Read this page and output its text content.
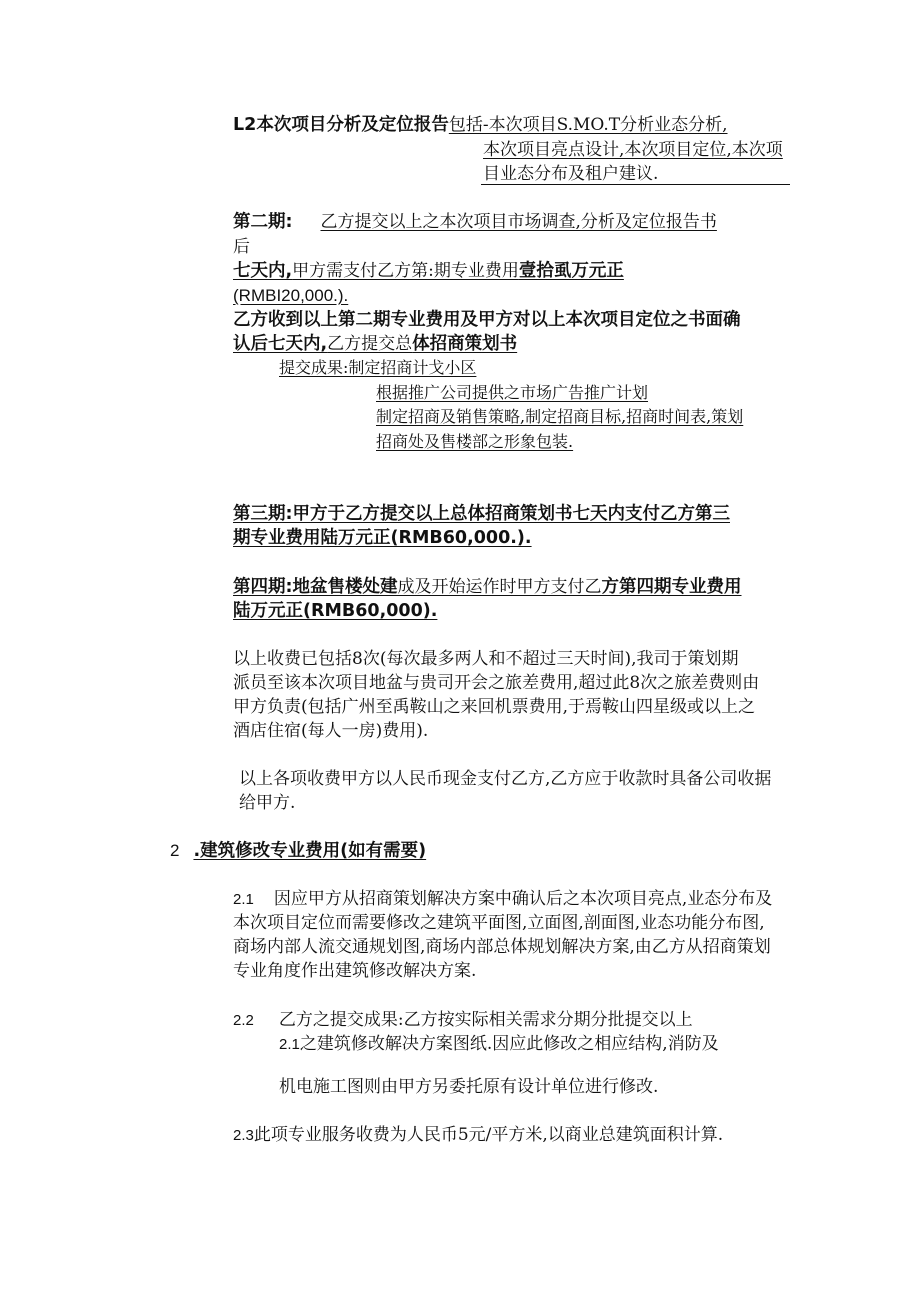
L2本次项目分析及定位报告包括-本次项目S.MO.T分析业态分析,
本次项目亮点设计,本次项目定位,本次项
目业态分布及租户建议.
第二期: 乙方提交以上之本次项目市场调查,分析及定位报告书
后
七天内,甲方需支付乙方第:期专业费用壹拾虱万元正
(RMBI20,000.).
乙方收到以上第二期专业费用及甲方对以上本次项目定位之书面确
认后七天内,乙方提交总体招商策划书
提交成果:制定招商计戈小区
根据推广公司提供之市场广告推广计划
制定招商及销售策略,制定招商目标,招商时间表,策划
招商处及售楼部之形象包装.
第三期:甲方于乙方提交以上总体招商策划书七天内支付乙方第三
期专业费用陆万元正(RMB60,000.).
第四期:地盆售楼处建成及开始运作时甲方支付乙方第四期专业费用
陆万元正(RMB60,000).
以上收费已包括8次(每次最多两人和不超过三天时间),我司于策划期
派员至该本次项目地盆与贵司开会之旅差费用,超过此8次之旅差费则由
甲方负责(包括广州至禹鞍山之来回机票费用,于焉鞍山四星级或以上之
酒店住宿(每人一房)费用).
以上各项收费甲方以人民币现金支付乙方,乙方应于收款时具备公司收据
给甲方.
2 .建筑修改专业费用(如有需要)
2.1 因应甲方从招商策划解决方案中确认后之本次项目亮点,业态分布及
本次项目定位而需要修改之建筑平面图,立面图,剖面图,业态功能分布图,
商场内部人流交通规划图,商场内部总体规划解决方案,由乙方从招商策划
专业角度作出建筑修改解决方案.
2.2 乙方之提交成果:乙方按实际相关需求分期分批提交以上
2.1之建筑修改解决方案图纸.因应此修改之相应结构,消防及
机电施工图则由甲方另委托原有设计单位进行修改.
2.3此项专业服务收费为人民币5元/平方米,以商业总建筑面积计算.
